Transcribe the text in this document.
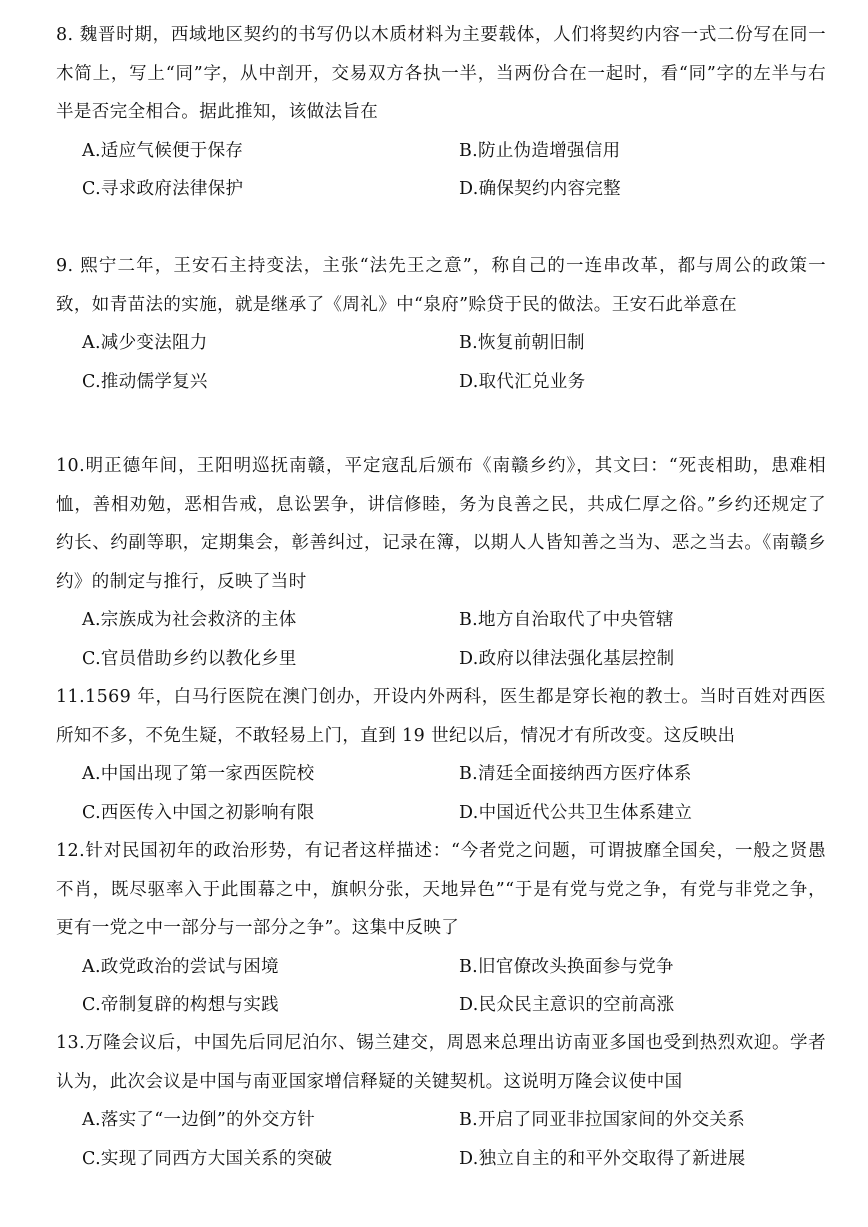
8. 魏晋时期，西域地区契约的书写仍以木质材料为主要载体，人们将契约内容一式二份写在同一木简上，写上“同”字，从中剖开，交易双方各执一半，当两份合在一起时，看“同”字的左半与右半是否完全相合。据此推知，该做法旨在

A.适应气候便于保存	B.防止伪造增强信用
C.寻求政府法律保护	D.确保契约内容完整

9. 熙宁二年，王安石主持变法，主张“法先王之意”，称自己的一连串改革，都与周公的政策一致，如青苗法的实施，就是继承了《周礼》中“泉府”赊贷于民的做法。王安石此举意在

A.减少变法阻力	B.恢复前朝旧制
C.推动儒学复兴	D.取代汇兑业务

10.明正德年间，王阳明巡抚南赣，平定寇乱后颁布《南赣乡约》，其文曰：“死丧相助，患难相恤，善相劝勉，恶相告戒，息讼罢争，讲信修睦，务为良善之民，共成仁厚之俗。”乡约还规定了约长、约副等职，定期集会，彰善纠过，记录在簿，以期人人皆知善之当为、恶之当去。《南赣乡约》的制定与推行，反映了当时

A.宗族成为社会救济的主体	B.地方自治取代了中央管辖
C.官员借助乡约以教化乡里	D.政府以律法强化基层控制

11.1569 年，白马行医院在澳门创办，开设内外两科，医生都是穿长袍的教士。当时百姓对西医所知不多，不免生疑，不敢轻易上门，直到 19 世纪以后，情况才有所改变。这反映出

A.中国出现了第一家西医院校	B.清廷全面接纳西方医疗体系
C.西医传入中国之初影响有限	D.中国近代公共卫生体系建立

12.针对民国初年的政治形势，有记者这样描述：“今者党之问题，可谓披靡全国矣，一般之贤愚不肖，既尽驱率入于此围幕之中，旗帜分张，天地异色”“于是有党与党之争，有党与非党之争，更有一党之中一部分与一部分之争”。这集中反映了

A.政党政治的尝试与困境	B.旧官僚改头换面参与党争
C.帝制复辟的构想与实践	D.民众民主意识的空前高涨

13.万隆会议后，中国先后同尼泊尔、锡兰建交，周恩来总理出访南亚多国也受到热烈欢迎。学者认为，此次会议是中国与南亚国家增信释疑的关键契机。这说明万隆会议使中国

A.落实了“一边倒”的外交方针	B.开启了同亚非拉国家间的外交关系
C.实现了同西方大国关系的突破	D.独立自主的和平外交取得了新进展
